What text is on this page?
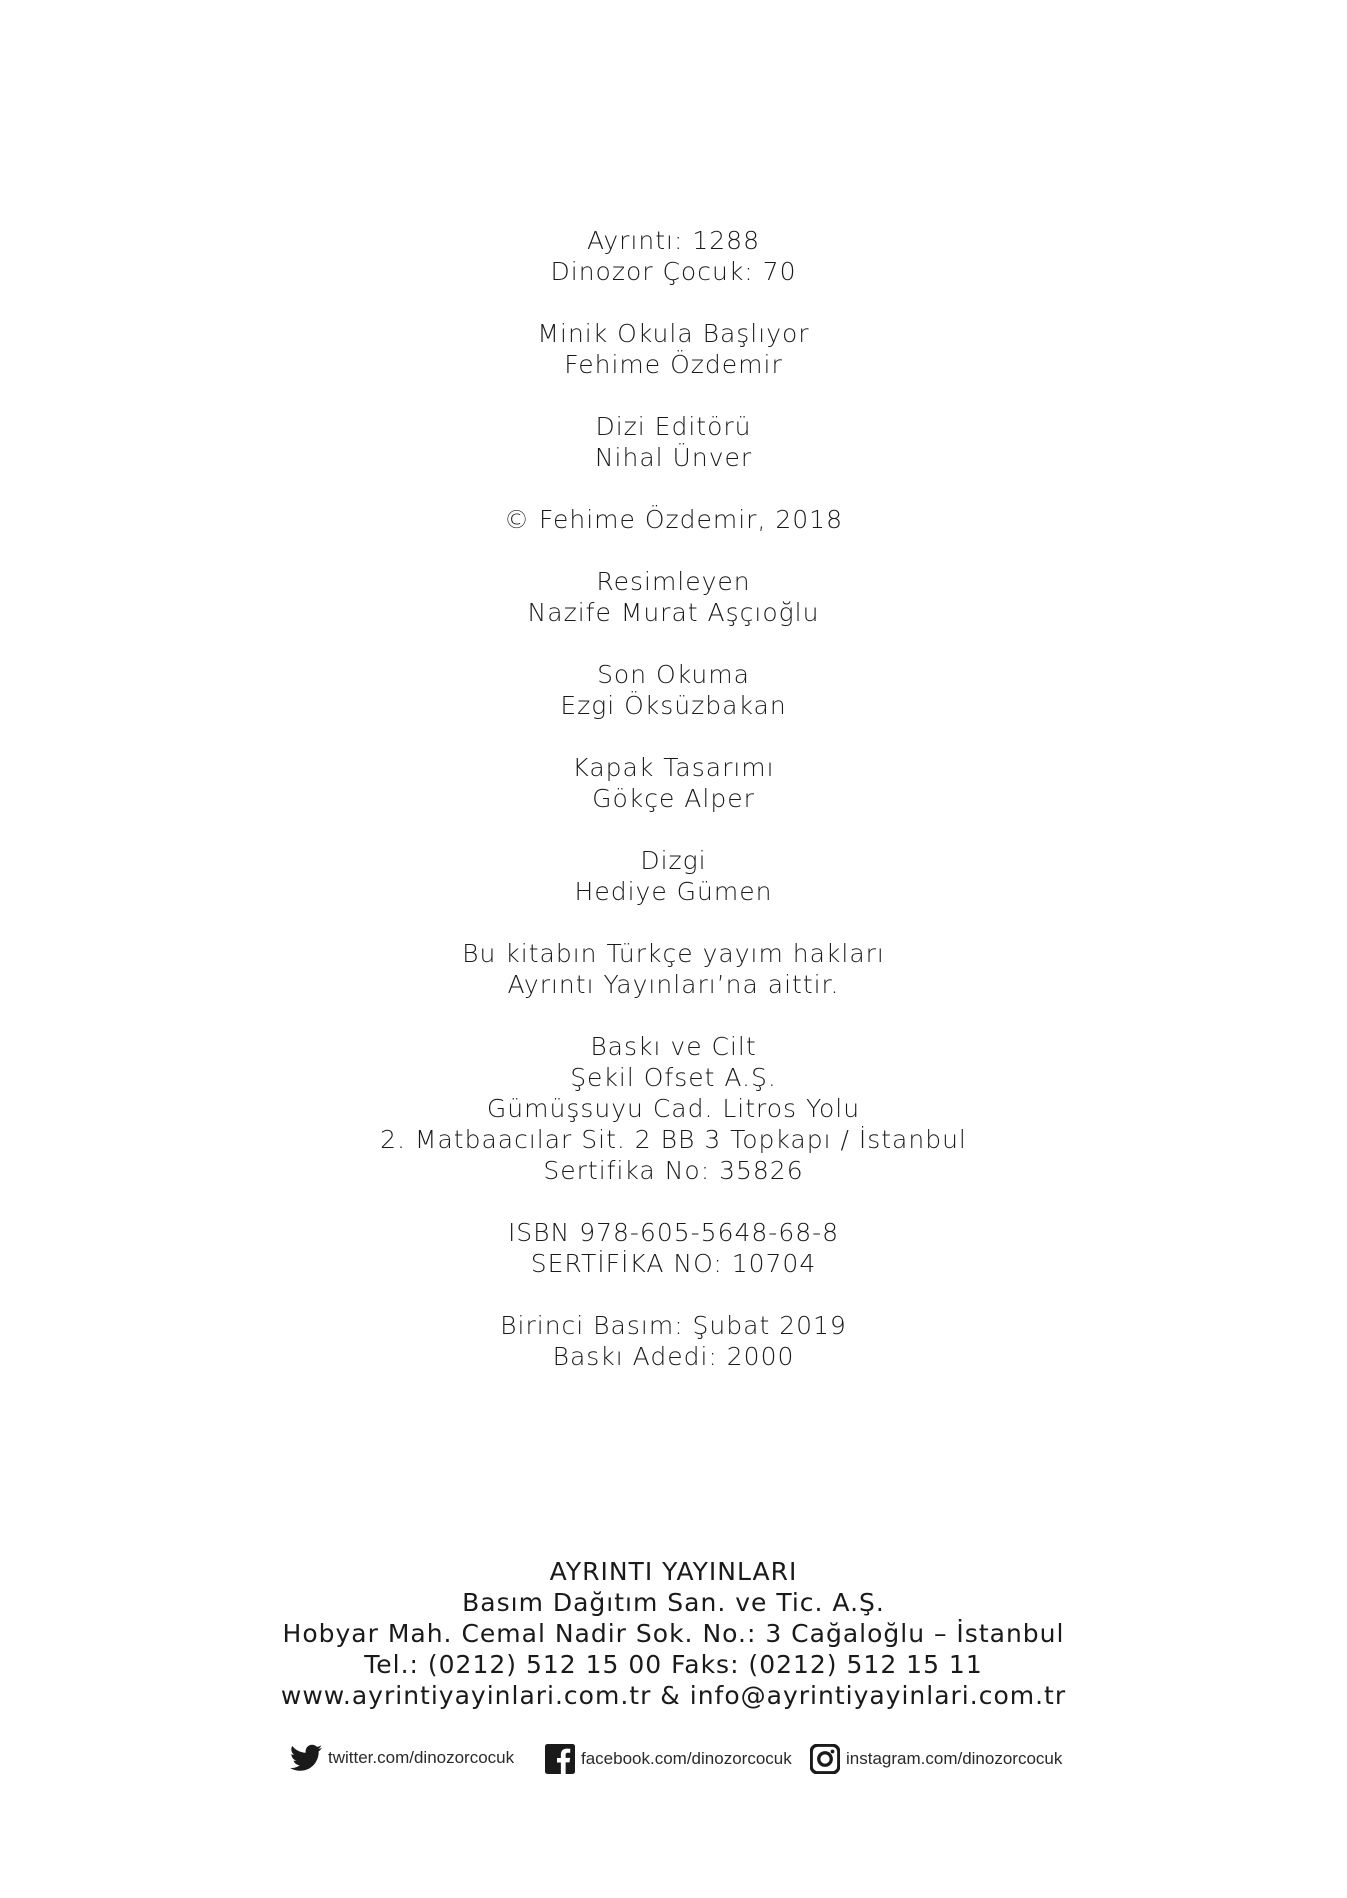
Ayrıntı: 1288
Dinozor Çocuk: 70
Minik Okula Başlıyor
Fehime Özdemir
Dizi Editörü
Nihal Ünver
© Fehime Özdemir, 2018
Resimleyen
Nazife Murat Aşçıoğlu
Son Okuma
Ezgi Öksüzbakan
Kapak Tasarımı
Gökçe Alper
Dizgi
Hediye Gümen
Bu kitabın Türkçe yayım hakları
Ayrıntı Yayınları’na aittir.
Baskı ve Cilt
Şekil Ofset A.Ş.
Gümüşsuyu Cad. Litros Yolu
2. Matbaacılar Sit. 2 BB 3 Topkapı / İstanbul
Sertifika No: 35826
ISBN 978-605-5648-68-8
SERTİFİKA NO: 10704
Birinci Basım: Şubat 2019
Baskı Adedi: 2000
AYRINTI YAYINLARI
Basım Dağıtım San. ve Tic. A.Ş.
Hobyar Mah. Cemal Nadir Sok. No.: 3 Cağaloğlu – İstanbul
Tel.: (0212) 512 15 00 Faks: (0212) 512 15 11
www.ayrintiyayinlari.com.tr & info@ayrintiyayinlari.com.tr
twitter.com/dinozorcocuk	facebook.com/dinozorcocuk	instagram.com/dinozorcocuk
